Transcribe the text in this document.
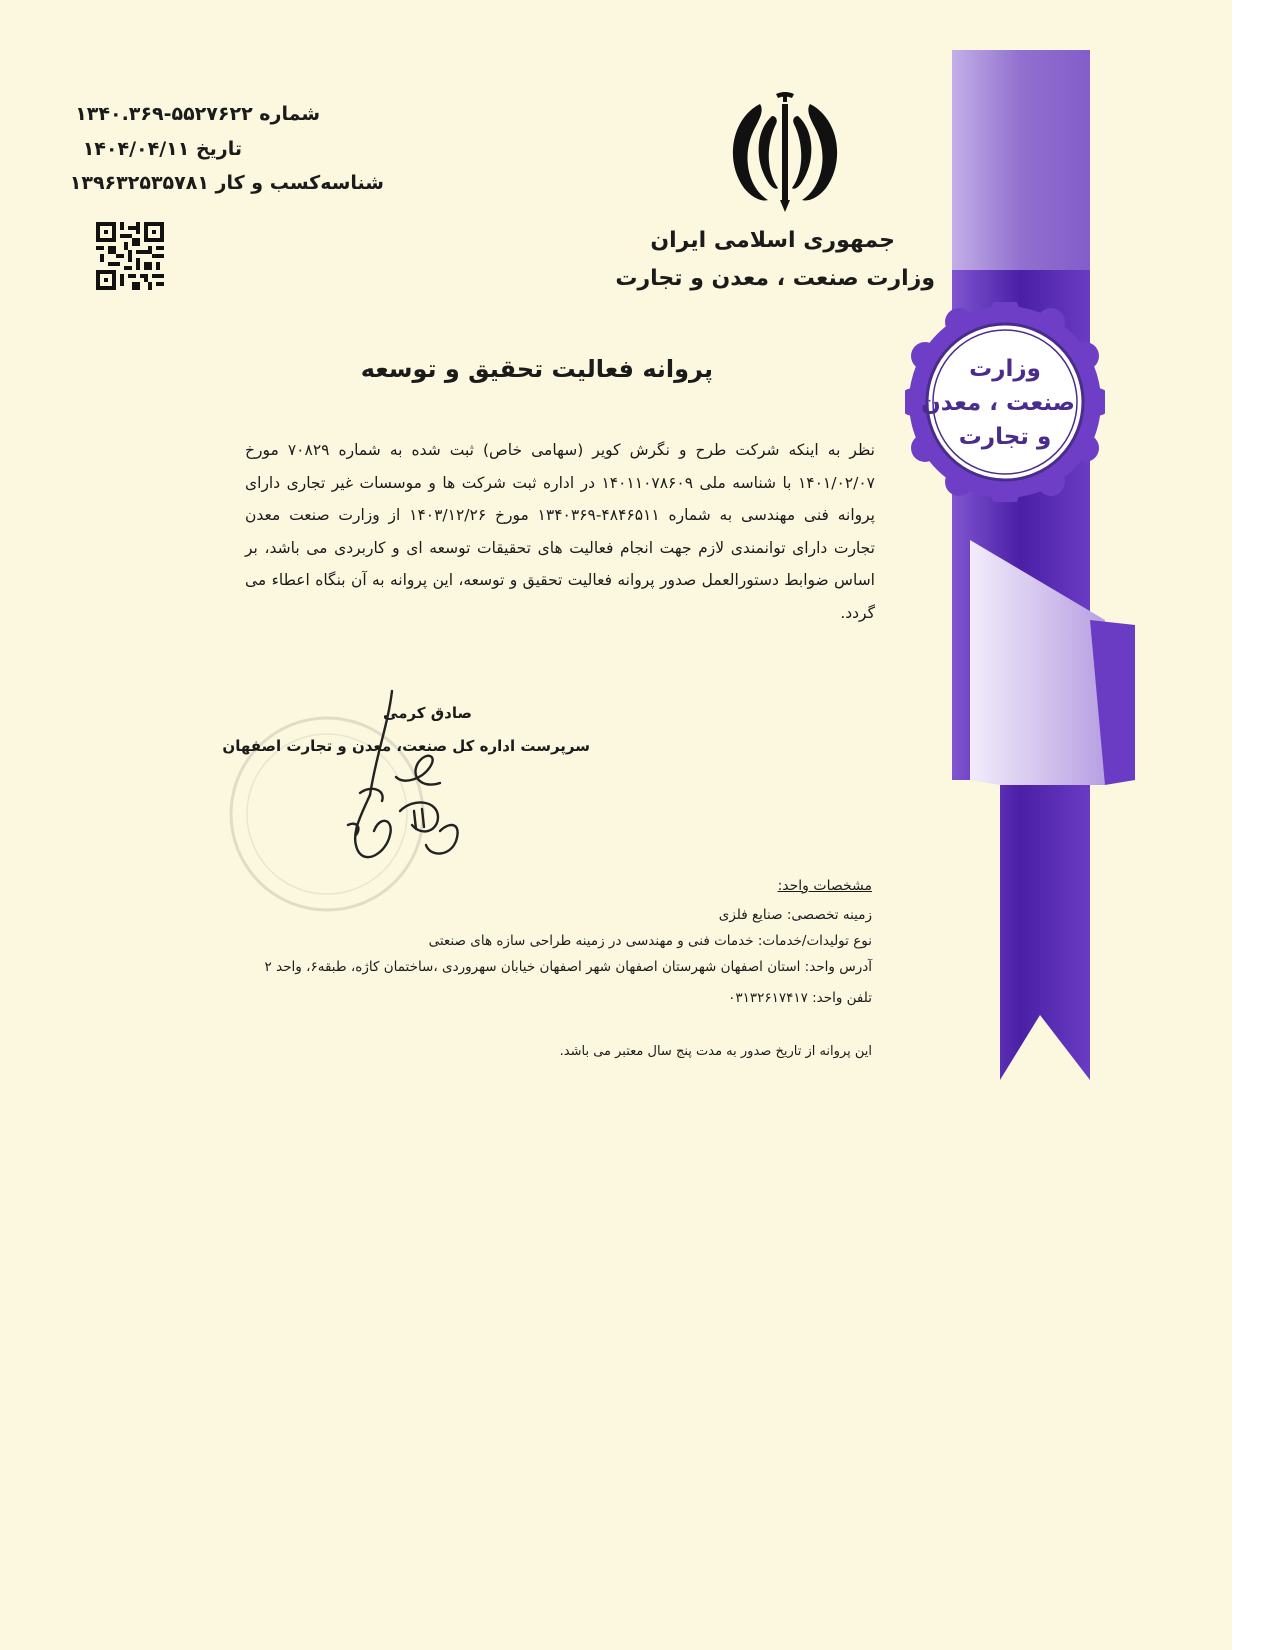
وزارت
صنعت ، معدن
و تجارت
شماره ۵۵۲۷۶۲۲-۱۳۴۰.۳۶۹
تاریخ ۱۴۰۴/۰۴/۱۱
شناسه‌کسب و کار ۱۳۹۶۳۲۵۳۵۷۸۱
جمهوری اسلامی ایران
وزارت صنعت ، معدن و تجارت
پروانه فعالیت تحقیق و توسعه
نظر به اینکه شرکت طرح و نگرش کویر (سهامی خاص) ثبت شده به شماره ۷۰۸۲۹ مورخ ۱۴۰۱/۰۲/۰۷ با شناسه ملی ۱۴۰۱۱۰۷۸۶۰۹ در اداره ثبت شرکت ها و موسسات غیر تجاری دارای پروانه فنی مهندسی به شماره ۴۸۴۶۵۱۱-۱۳۴۰۳۶۹ مورخ ۱۴۰۳/۱۲/۲۶ از وزارت صنعت معدن تجارت دارای توانمندی لازم جهت انجام فعالیت های تحقیقات توسعه ای و کاربردی می باشد، بر اساس ضوابط دستورالعمل صدور پروانه فعالیت تحقیق و توسعه، این پروانه به آن بنگاه اعطاء می گردد.
صادق کرمی
سرپرست اداره کل صنعت، معدن و تجارت اصفهان
مشخصات واحد:
زمینه تخصصی: صنایع فلزی
نوع تولیدات/خدمات: خدمات فنی و مهندسی در زمینه طراحی سازه های صنعتی
آدرس واحد: استان اصفهان شهرستان اصفهان شهر اصفهان خیابان سهروردی ،ساختمان کاژه، طبقه۶، واحد ۲
تلفن واحد: ۰۳۱۳۲۶۱۷۴۱۷
این پروانه از تاریخ صدور به مدت پنج سال معتبر می باشد.
